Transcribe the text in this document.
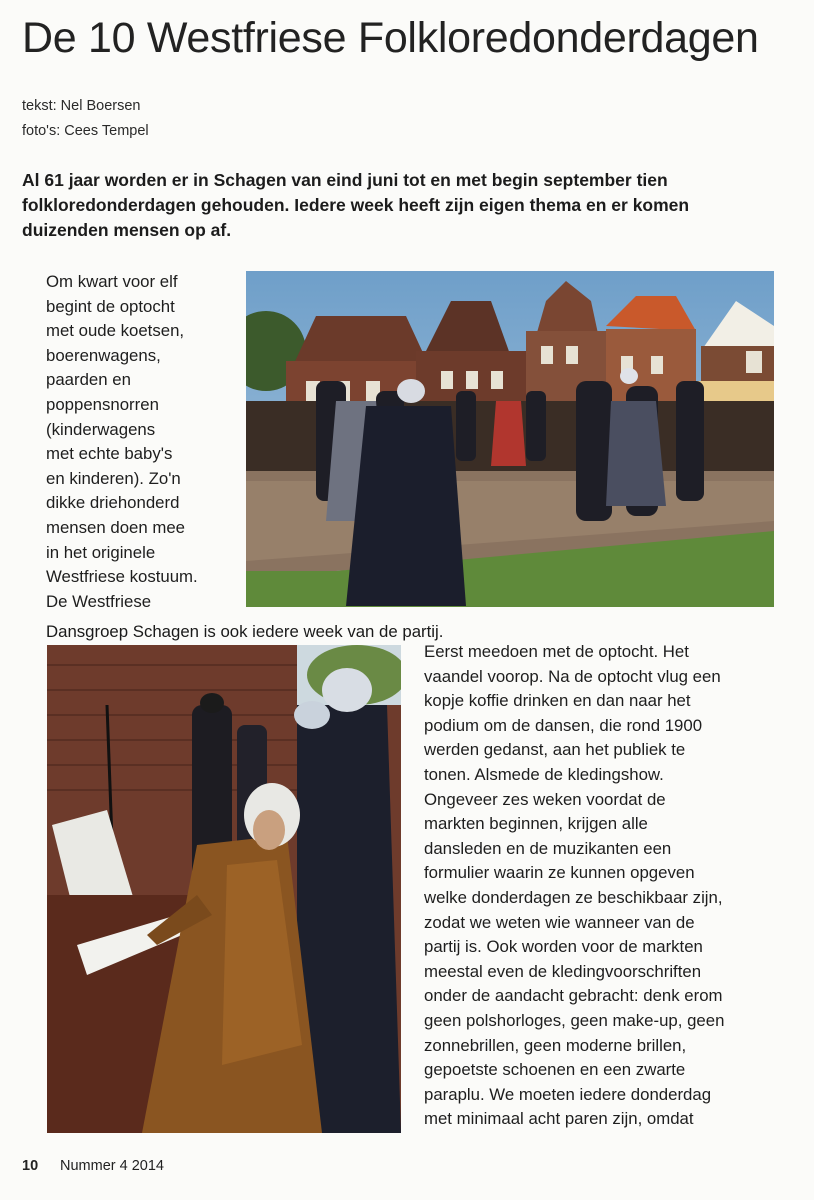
De 10 Westfriese Folkloredonderdagen
tekst: Nel Boersen
foto's: Cees Tempel

Al 61 jaar worden er in Schagen van eind juni tot en met begin september tien folkloredonderdagen gehouden. Iedere week heeft zijn eigen thema en er komen duizenden mensen op af.

Om kwart voor elf
begint de optocht
met oude koetsen,
boerenwagens,
paarden en
poppensnorren
(kinderwagens
met echte baby's
en kinderen). Zo'n
dikke driehonderd
mensen doen mee
in het originele
Westfriese kostuum.
De Westfriese

Dansgroep Schagen is ook iedere week van de partij.

Eerst meedoen met de optocht. Het
vaandel voorop. Na de optocht vlug een
kopje koffie drinken en dan naar het
podium om de dansen, die rond 1900
werden gedanst, aan het publiek te
tonen. Alsmede de kledingshow.
Ongeveer zes weken voordat de
markten beginnen, krijgen alle
dansleden en de muzikanten een
formulier waarin ze kunnen opgeven
welke donderdagen ze beschikbaar zijn,
zodat we weten wie wanneer van de
partij is. Ook worden voor de markten
meestal even de kledingvoorschriften
onder de aandacht gebracht: denk erom
geen polshorloges, geen make-up, geen
zonnebrillen, geen moderne brillen,
gepoetste schoenen en een zwarte
paraplu. We moeten iedere donderdag
met minimaal acht paren zijn, omdat

10 Nummer 4 2014
